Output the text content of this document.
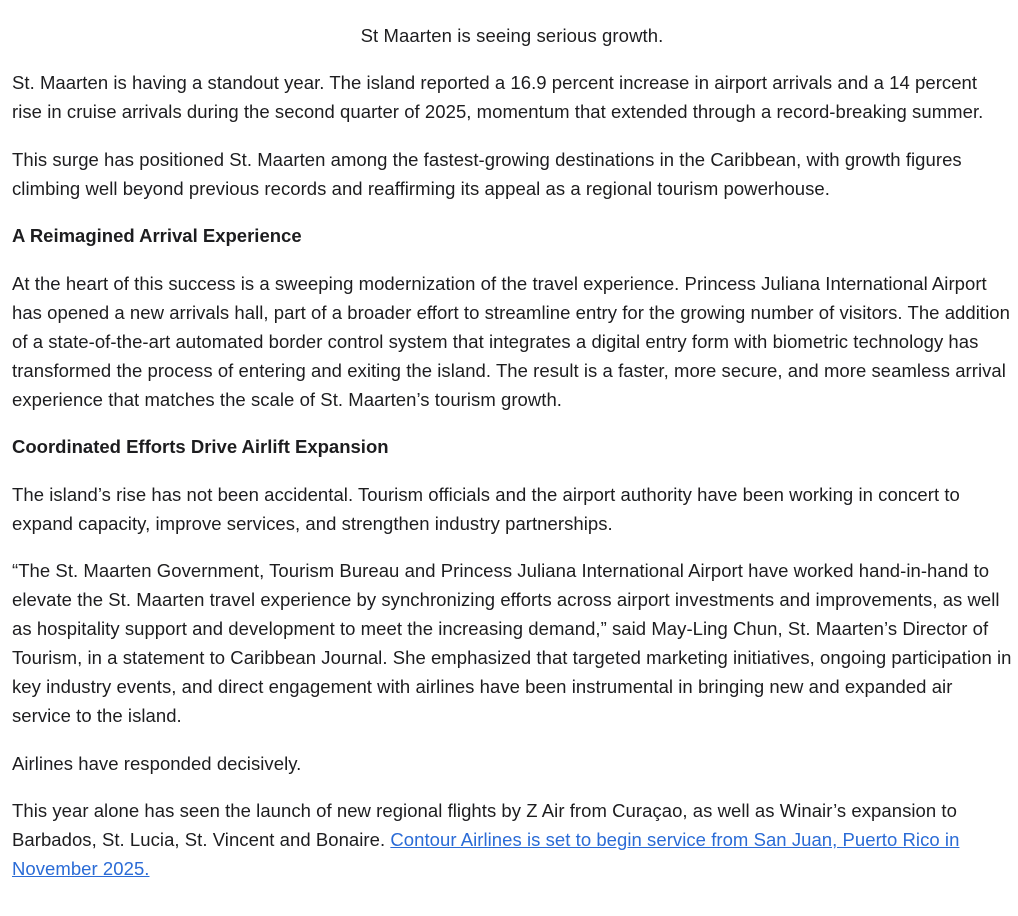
St Maarten is seeing serious growth.

St. Maarten is having a standout year. The island reported a 16.9 percent increase in airport arrivals and a 14 percent rise in cruise arrivals during the second quarter of 2025, momentum that extended through a record-breaking summer.

This surge has positioned St. Maarten among the fastest-growing destinations in the Caribbean, with growth figures climbing well beyond previous records and reaffirming its appeal as a regional tourism powerhouse.

A Reimagined Arrival Experience

At the heart of this success is a sweeping modernization of the travel experience. Princess Juliana International Airport has opened a new arrivals hall, part of a broader effort to streamline entry for the growing number of visitors. The addition of a state-of-the-art automated border control system that integrates a digital entry form with biometric technology has transformed the process of entering and exiting the island. The result is a faster, more secure, and more seamless arrival experience that matches the scale of St. Maarten’s tourism growth.

Coordinated Efforts Drive Airlift Expansion

The island’s rise has not been accidental. Tourism officials and the airport authority have been working in concert to expand capacity, improve services, and strengthen industry partnerships.

“The St. Maarten Government, Tourism Bureau and Princess Juliana International Airport have worked hand-in-hand to elevate the St. Maarten travel experience by synchronizing efforts across airport investments and improvements, as well as hospitality support and development to meet the increasing demand,” said May-Ling Chun, St. Maarten’s Director of Tourism, in a statement to Caribbean Journal. She emphasized that targeted marketing initiatives, ongoing participation in key industry events, and direct engagement with airlines have been instrumental in bringing new and expanded air service to the island.

Airlines have responded decisively.

This year alone has seen the launch of new regional flights by Z Air from Curaçao, as well as Winair’s expansion to Barbados, St. Lucia, St. Vincent and Bonaire. Contour Airlines is set to begin service from San Juan, Puerto Rico in November 2025.
